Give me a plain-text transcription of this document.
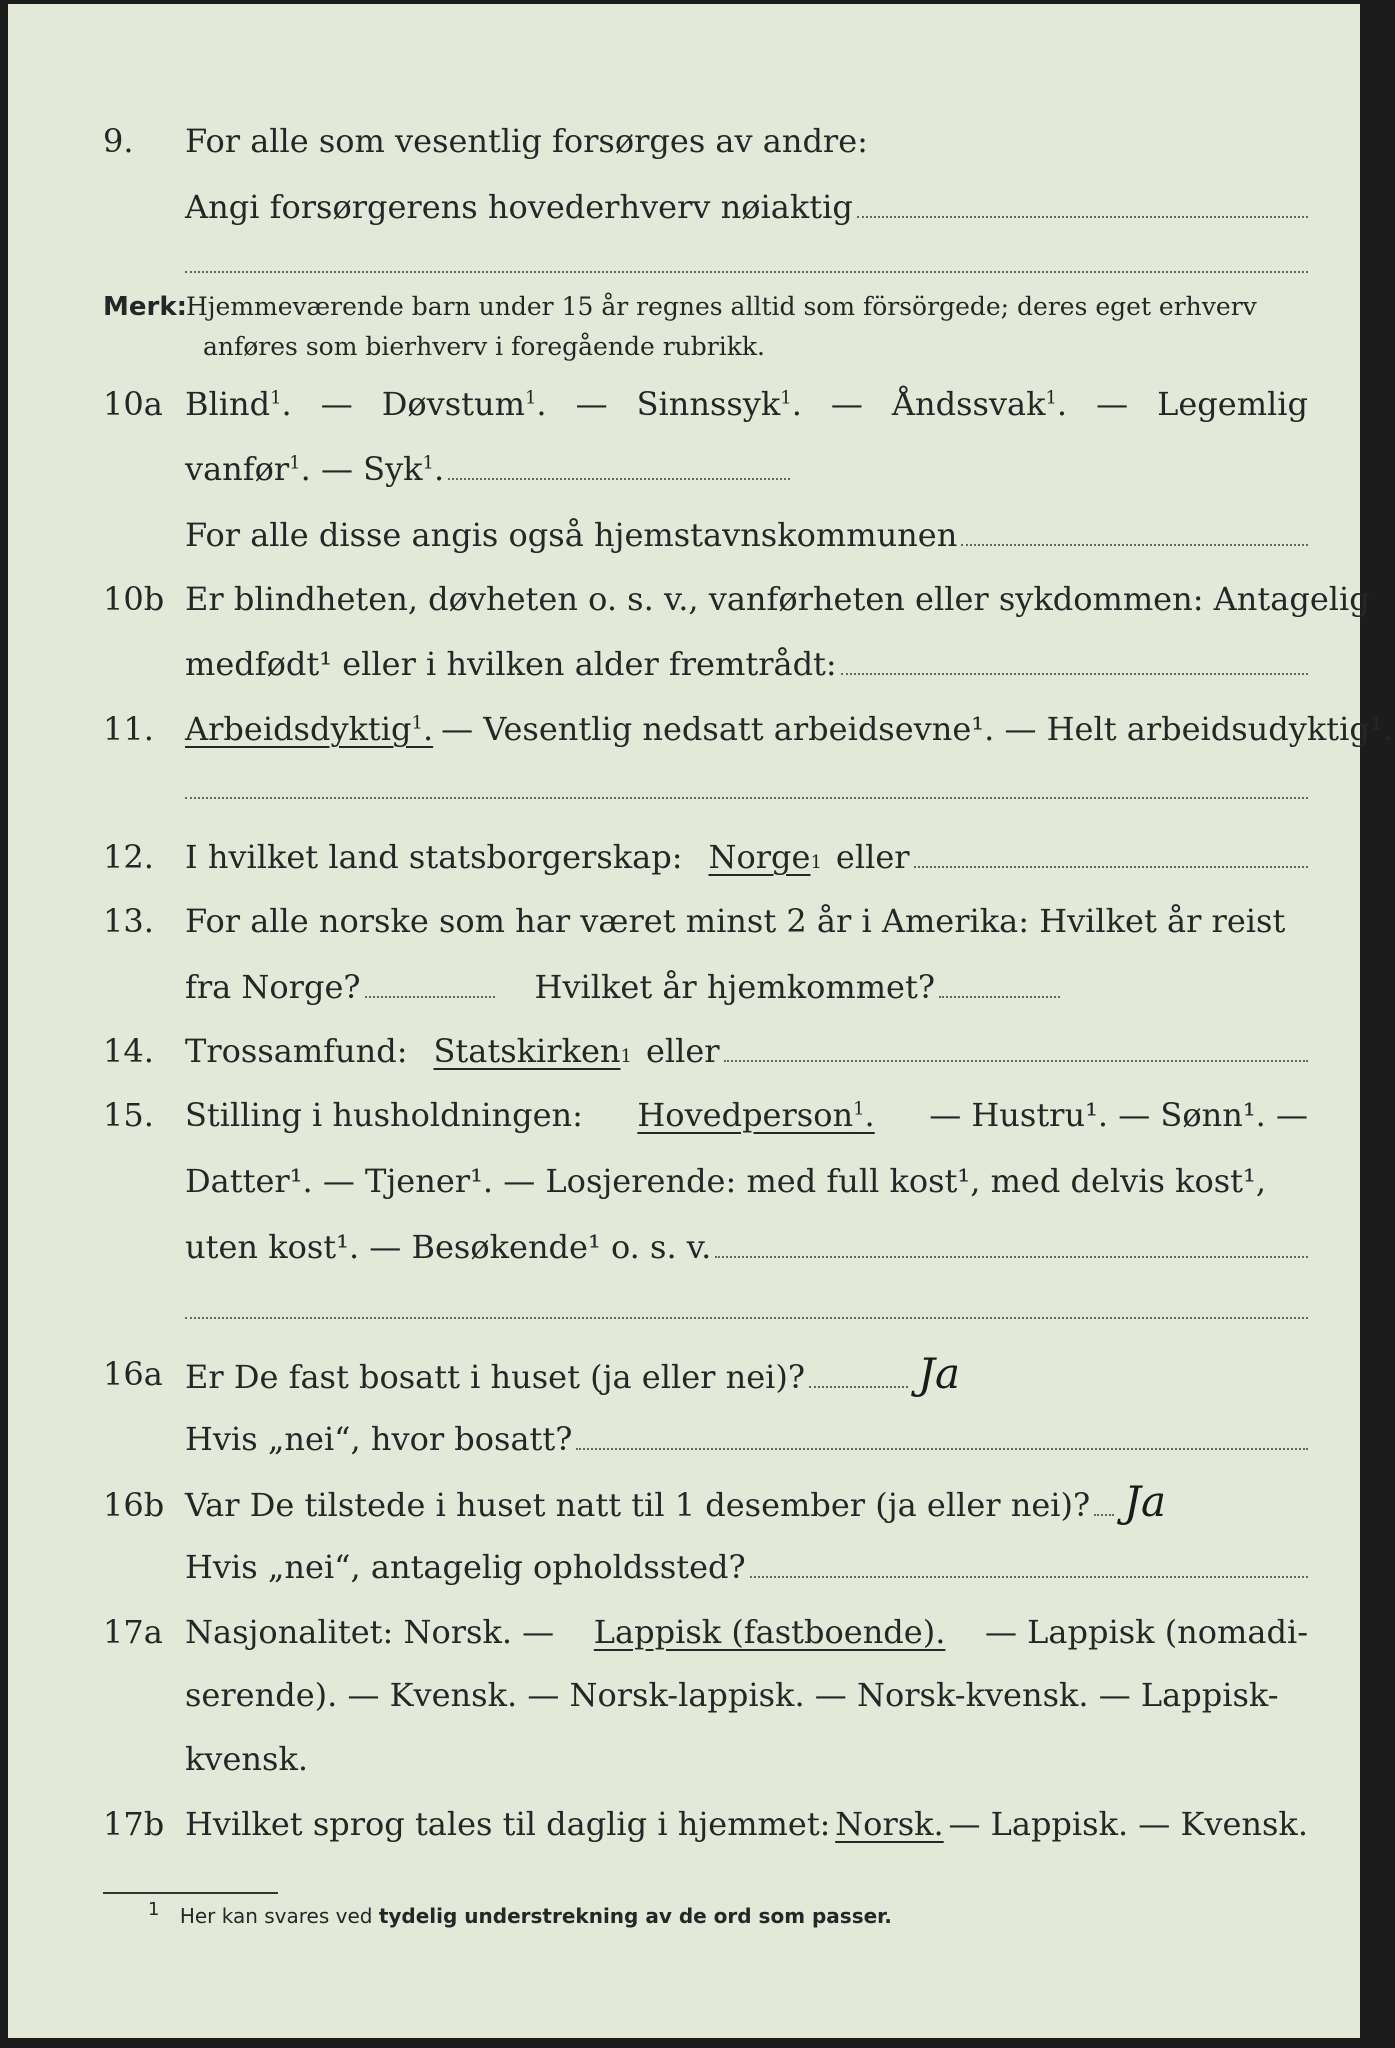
9. For alle som vesentlig forsørges av andre:
Angi forsørgerens hovederhverv nøiaktig
Merk:
Hjemmeværende barn under 15 år regnes alltid som försörgede; deres eget erhverv
anføres som bierhverv i foregående rubrikk.
10a Blind$^1$. — Døvstum$^1$. — Sinnssyk$^1$. — Åndssvak$^1$. — Legemlig
vanfør$^1$. — Syk$^1$.
For alle disse angis også hjemstavnskommunen
10b Er blindheten, døvheten o. s. v., vanførheten eller sykdommen: Antagelig
medfødt¹ eller i hvilken alder fremtrådt:
11. Arbeidsdyktig$^1$. — Vesentlig nedsatt arbeidsevne¹. — Helt arbeidsudyktig¹.
12. I hvilket land statsborgerskap: Norge 1 eller
13. For alle norske som har været minst 2 år i Amerika: Hvilket år reist
fra Norge?	Hvilket år hjemkommet?
14. Trossamfund: Statskirken 1 eller
15. Stilling i husholdningen: Hovedperson$^1$. — Hustru¹. — Sønn¹. —
Datter¹. — Tjener¹. — Losjerende: med full kost¹, med delvis kost¹,
uten kost¹. — Besøkende¹ o. s. v.
16a Er De fast bosatt i huset (ja eller nei)?	Ja
Hvis „nei“, hvor bosatt?
16b Var De tilstede i huset natt til 1 desember (ja eller nei)? Ja
Hvis „nei“, antagelig opholdssted?
17a Nasjonalitet: Norsk. — Lappisk (fastboende). — Lappisk (nomadi-
serende). — Kvensk. — Norsk-lappisk. — Norsk-kvensk. — Lappisk-
kvensk.
17b Hvilket sprog tales til daglig i hjemmet: Norsk. — Lappisk. — Kvensk.
1 Her kan svares ved tydelig understrekning av de ord som passer.
